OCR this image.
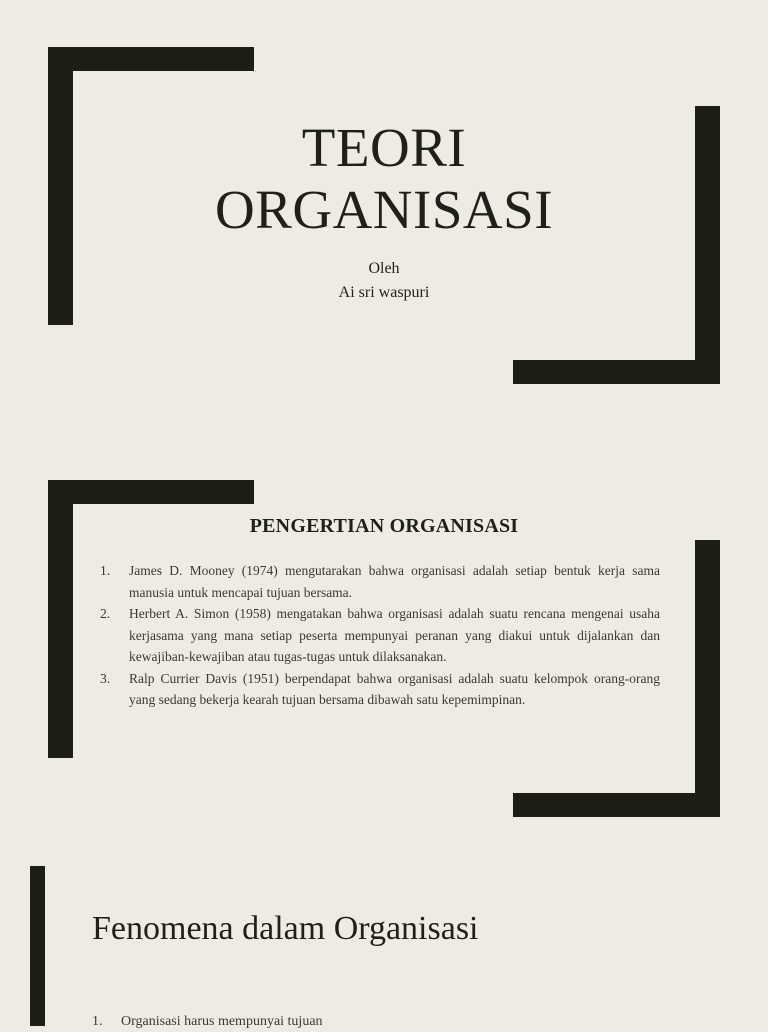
TEORI
ORGANISASI
Oleh
Ai sri waspuri
PENGERTIAN ORGANISASI
1. James D. Mooney (1974) mengutarakan bahwa organisasi adalah setiap bentuk kerja sama manusia untuk mencapai tujuan bersama.
2. Herbert A. Simon (1958) mengatakan bahwa organisasi adalah suatu rencana mengenai usaha kerjasama yang mana setiap peserta mempunyai peranan yang diakui untuk dijalankan dan kewajiban-kewajiban atau tugas-tugas untuk dilaksanakan.
3. Ralp Currier Davis (1951) berpendapat bahwa organisasi adalah suatu kelompok orang-orang yang sedang bekerja kearah tujuan bersama dibawah satu kepemimpinan.
Fenomena dalam Organisasi
1. Organisasi harus mempunyai tujuan
